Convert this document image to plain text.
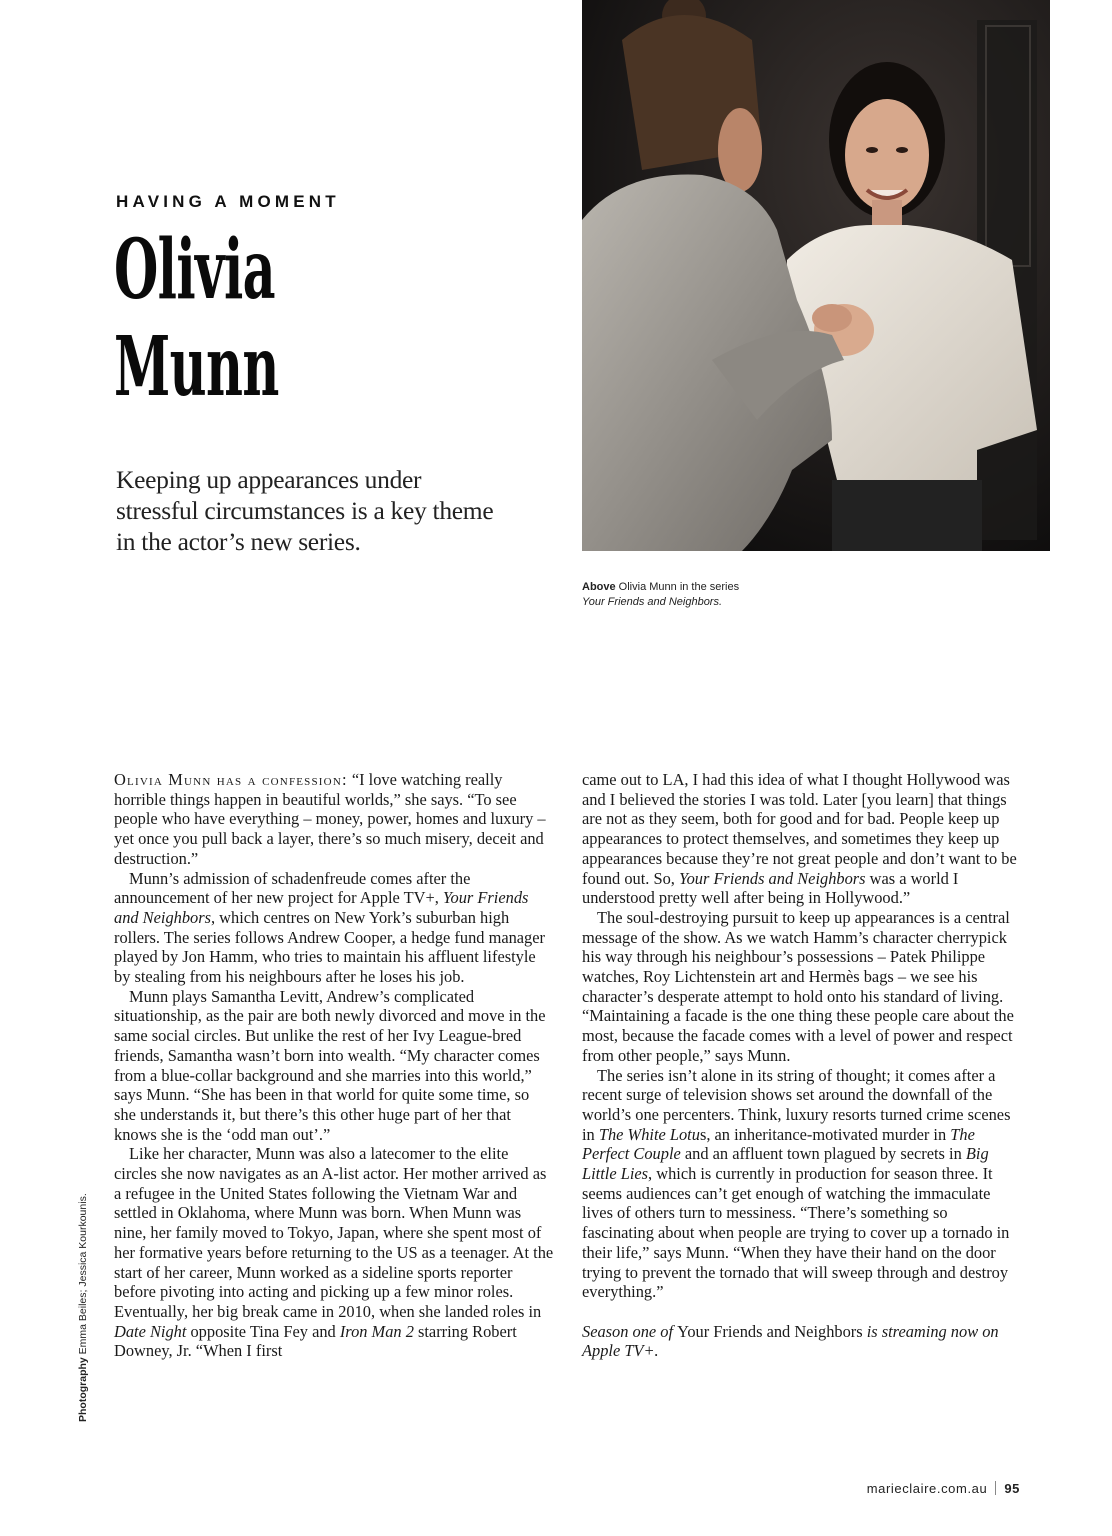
HAVING A MOMENT
Olivia
Munn
Keeping up appearances under stressful circumstances is a key theme in the actor’s new series.
Above Olivia Munn in the series
Your Friends and Neighbors.
Photography Emma Beiles; Jessica Kourkounis.

Olivia Munn has a confession: “I love watching really horrible things happen in beautiful worlds,” she says. “To see people who have everything – money, power, homes and luxury – yet once you pull back a layer, there’s so much misery, deceit and destruction.”

Munn’s admission of schadenfreude comes after the announcement of her new project for Apple TV+, Your Friends and Neighbors, which centres on New York’s suburban high rollers. The series follows Andrew Cooper, a hedge fund manager played by Jon Hamm, who tries to maintain his affluent lifestyle by stealing from his neighbours after he loses his job.

Munn plays Samantha Levitt, Andrew’s complicated situationship, as the pair are both newly divorced and move in the same social circles. But unlike the rest of her Ivy League-bred friends, Samantha wasn’t born into wealth. “My character comes from a blue-collar background and she marries into this world,” says Munn. “She has been in that world for quite some time, so she understands it, but there’s this other huge part of her that knows she is the ‘odd man out’.”

Like her character, Munn was also a latecomer to the elite circles she now navigates as an A-list actor. Her mother arrived as a refugee in the United States following the Vietnam War and settled in Oklahoma, where Munn was born. When Munn was nine, her family moved to Tokyo, Japan, where she spent most of her formative years before returning to the US as a teenager. At the start of her career, Munn worked as a sideline sports reporter before pivoting into acting and picking up a few minor roles. Eventually, her big break came in 2010, when she landed roles in Date Night opposite Tina Fey and Iron Man 2 starring Robert Downey, Jr. “When I first

came out to LA, I had this idea of what I thought Hollywood was and I believed the stories I was told. Later [you learn] that things are not as they seem, both for good and for bad. People keep up appearances to protect themselves, and sometimes they keep up appearances because they’re not great people and don’t want to be found out. So, Your Friends and Neighbors was a world I understood pretty well after being in Hollywood.”

The soul-destroying pursuit to keep up appearances is a central message of the show. As we watch Hamm’s character cherrypick his way through his neighbour’s possessions – Patek Philippe watches, Roy Lichtenstein art and Hermès bags – we see his character’s desperate attempt to hold onto his standard of living. “Maintaining a facade is the one thing these people care about the most, because the facade comes with a level of power and respect from other people,” says Munn.

The series isn’t alone in its string of thought; it comes after a recent surge of television shows set around the downfall of the world’s one percenters. Think, luxury resorts turned crime scenes in The White Lotus, an inheritance-motivated murder in The Perfect Couple and an affluent town plagued by secrets in Big Little Lies, which is currently in production for season three. It seems audiences can’t get enough of watching the immaculate lives of others turn to messiness. “There’s something so fascinating about when people are trying to cover up a tornado in their life,” says Munn. “When they have their hand on the door trying to prevent the tornado that will sweep through and destroy everything.”

Season one of Your Friends and Neighbors is streaming now on Apple TV+.

marieclaire.com.au 95
